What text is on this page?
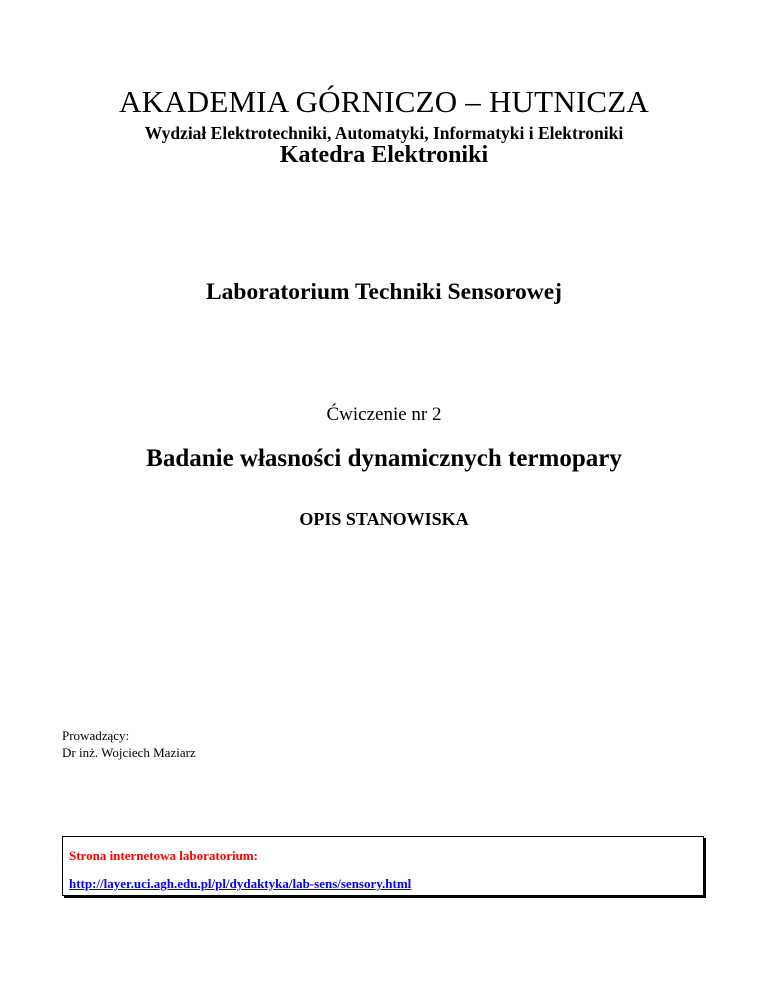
AKADEMIA GÓRNICZO – HUTNICZA
Wydział Elektrotechniki, Automatyki, Informatyki i Elektroniki
Katedra Elektroniki
Laboratorium Techniki Sensorowej
Ćwiczenie nr 2
Badanie własności dynamicznych termopary
OPIS STANOWISKA
Prowadzący:
Dr inż. Wojciech Maziarz
Strona internetowa laboratorium:
http://layer.uci.agh.edu.pl/pl/dydaktyka/lab-sens/sensory.html
